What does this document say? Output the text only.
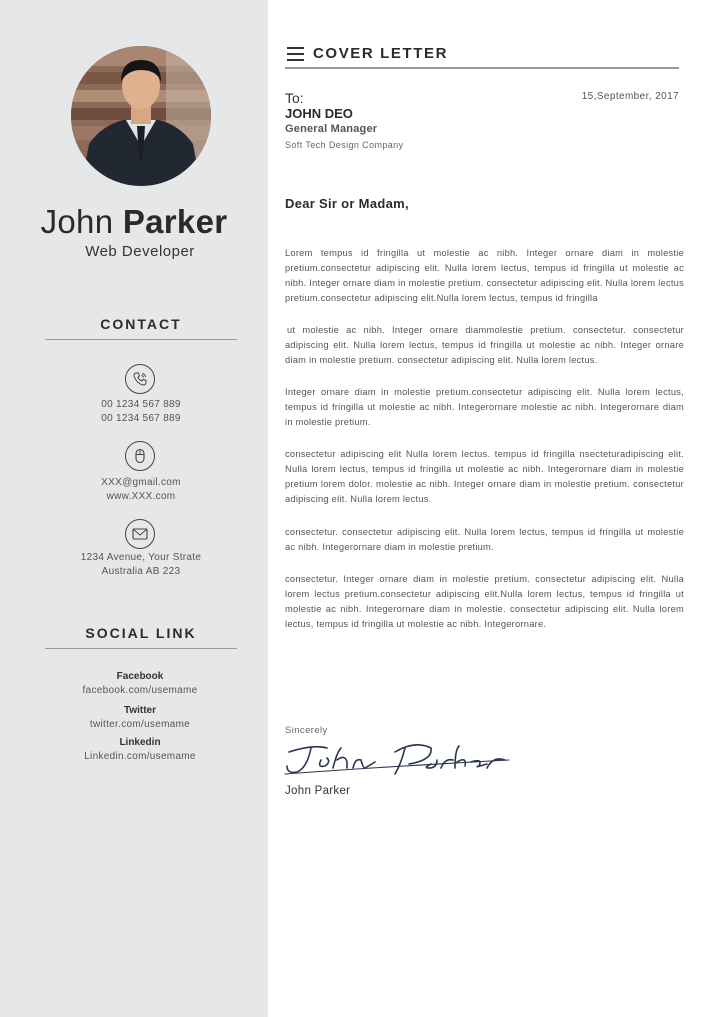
John Parker
Web Developer
CONTACT
00 1234 567 889
00 1234 567 889
XXX@gmail.com
www.XXX.com
1234 Avenue, Your Strate
Australia AB 223
SOCIAL LINK
Facebook
facebook.com/usemame
Twitter
twitter.com/usemame
Linkedin
Linkedin.com/usemame
COVER LETTER
To:	15,September, 2017
JOHN DEO
General Manager
Soft Tech Design Company
Dear Sir or Madam,
Lorem tempus id fringilla ut molestie ac nibh. Integer ornare diam in molestie pretium.consectetur adipiscing elit. Nulla lorem lectus, tempus id fringilla ut molestie ac nibh. Integer ornare diam in molestie pretium. consectetur adipiscing elit. Nulla lorem lectus pretium.consectetur adipiscing elit.Nulla lorem lectus, tempus id fringilla
ut molestie ac nibh. Integer ornare diammolestie pretium. consectetur. consectetur adipiscing elit. Nulla lorem lectus, tempus id fringilla ut molestie ac nibh. Integer ornare diam in molestie pretium. consectetur adipiscing elit. Nulla lorem lectus.
Integer ornare diam in molestie pretium.consectetur adipiscing elit. Nulla lorem lectus, tempus id fringilla ut molestie ac nibh. Integerornare molestie ac nibh. Integerornare diam in molestie pretium.
consectetur adipiscing elit Nulla lorem lectus. tempus id fringilla nsecteturadipiscing elit. Nulla lorem lectus, tempus id fringilla ut molestie ac nibh. Integerornare diam in molestie pretium lorem dolor. molestie ac nibh. Integer ornare diam in molestie pretium. consectetur adipiscing elit. Nulla lorem lectus.
consectetur. consectetur adipiscing elit. Nulla lorem lectus, tempus id fringilla ut molestie ac nibh. Integerornare diam in molestie pretium.
consectetur. Integer ornare diam in molestie pretium. consectetur adipiscing elit. Nulla lorem lectus pretium.consectetur adipiscing elit.Nulla lorem lectus, tempus id fringilla ut molestie ac nibh. Integerornare diam in molestie. consectetur adipiscing elit. Nulla lorem lectus, tempus id fringilla ut molestie ac nibh. Integerornare.
Sincerely
John Parker
